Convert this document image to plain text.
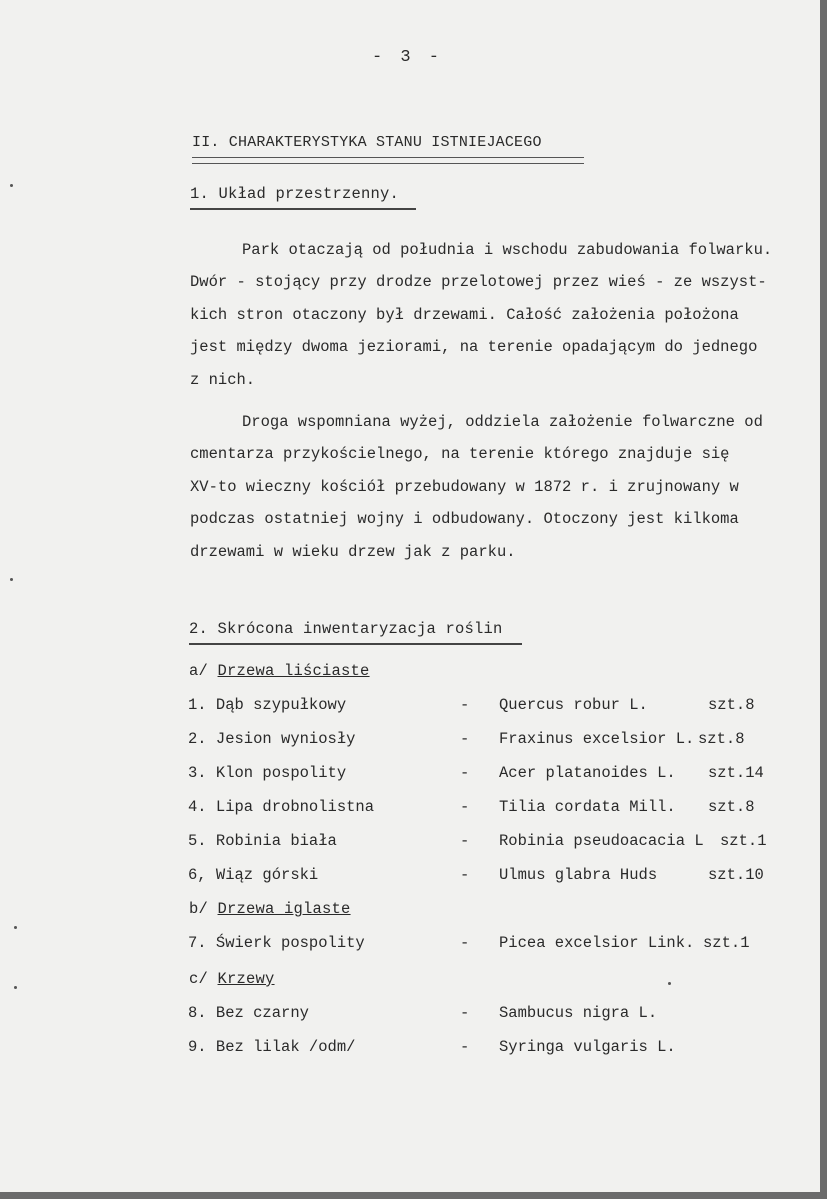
- 3 -
II. CHARAKTERYSTYKA STANU ISTNIEJACEGO
1. Układ przestrzenny.
Park otaczają od południa i wschodu zabudowania folwarku.
Dwór - stojący przy drodze przelotowej przez wieś - ze wszyst-
kich stron otaczony był drzewami. Całość założenia położona
jest między dwoma jeziorami, na terenie opadającym do jednego
z nich.
Droga wspomniana wyżej, oddziela założenie folwarczne od
cmentarza przykościelnego, na terenie którego znajduje się
XV-to wieczny kościół przebudowany w 1872 r. i zrujnowany w
podczas ostatniej wojny i odbudowany. Otoczony jest kilkoma
drzewami w wieku drzew jak z parku.
2. Skrócona inwentaryzacja roślin
a/ Drzewa liściaste
1. Dąb szypułkowy	- Quercus robur L.	szt.8
2. Jesion wyniosły	- Fraxinus excelsior L. szt.8
3. Klon pospolity	- Acer platanoides L. szt.14
4. Lipa drobnolistna	- Tilia cordata Mill. szt.8
5. Robinia biała	- Robinia pseudoacacia L szt.1
6, Wiąz górski	- Ulmus glabra Huds	szt.10
b/ Drzewa iglaste
7. Świerk pospolity	- Picea excelsior Link. szt.1
c/ Krzewy
8. Bez czarny	- Sambucus nigra L.
9. Bez lilak /odm/	- Syringa vulgaris L.
